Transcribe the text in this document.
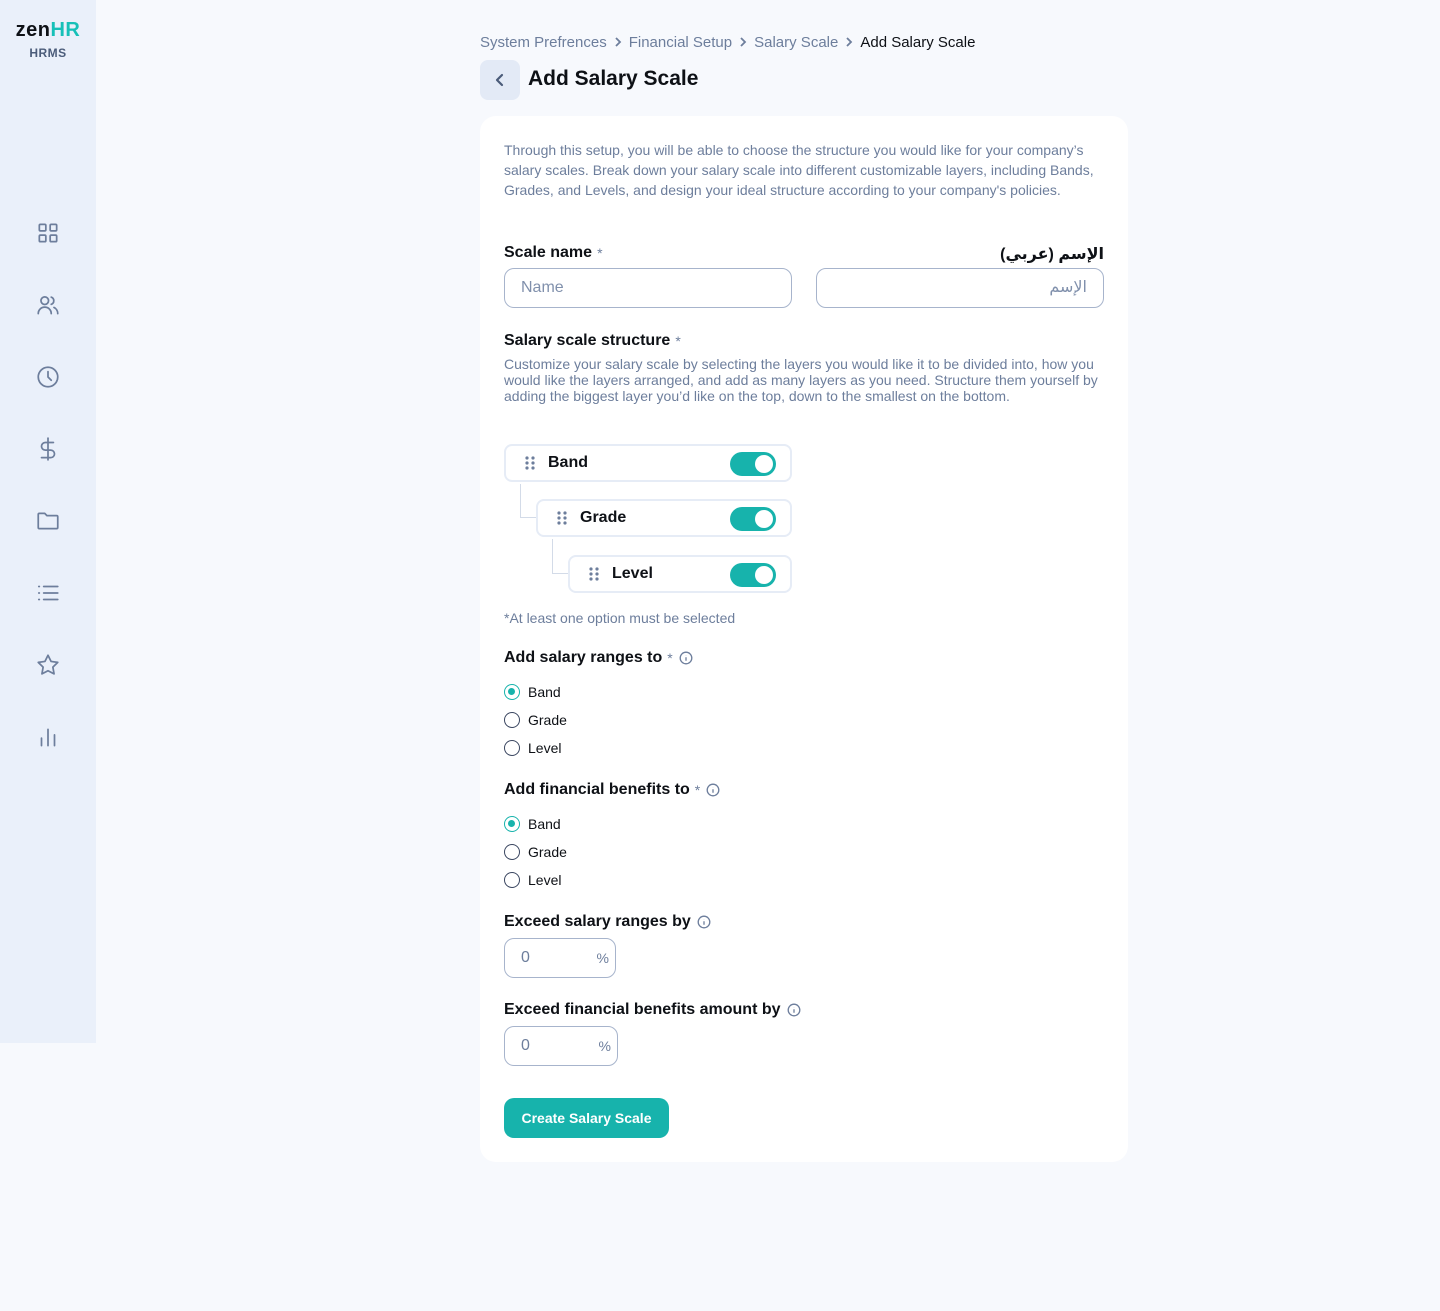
zenHR
HRMS
System Prefrences Financial Setup Salary Scale Add Salary Scale
Add Salary Scale

Through this setup, you will be able to choose the structure you would like for your company’s salary scales. Break down your salary scale into different customizable layers, including Bands, Grades, and Levels, and design your ideal structure according to your company's policies.

Scale name *	الإسم (عربي)
Name
الإسم
Salary scale structure *

Customize your salary scale by selecting the layers you would like it to be divided into, how you would like the layers arranged, and add as many layers as you need. Structure them yourself by adding the biggest layer you’d like on the top, down to the smallest on the bottom.

Band
Grade
Level
*At least one option must be selected
Add salary ranges to *
Band
Grade
Level
Add financial benefits to *
Band
Grade
Level
Exceed salary ranges by
0	%
Exceed financial benefits amount by
0	%
Create Salary Scale
